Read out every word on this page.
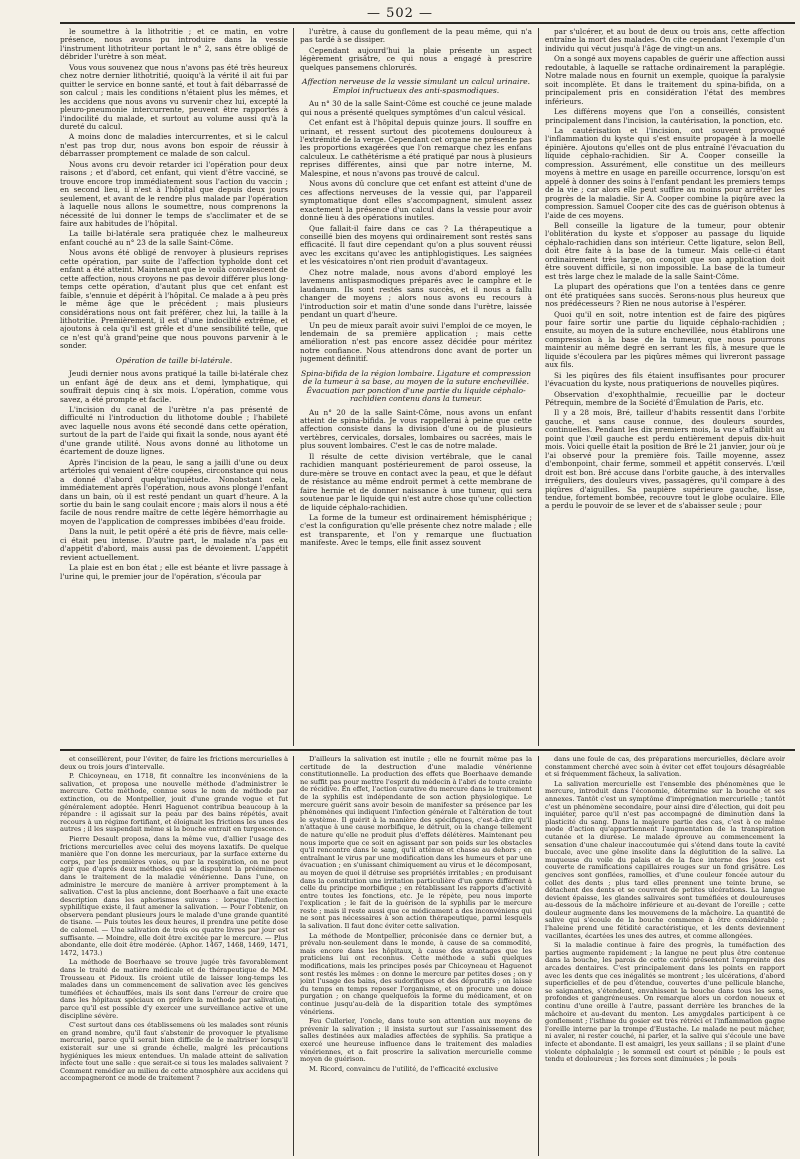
— 502 —

le soumettre à la lithotritie ; et ce matin, en votre présence, nous avons pu introduire dans la vessie l'instrument lithotriteur portant le n° 2, sans être obligé de débrider l'urètre à son méat.

Vous vous souvenez que nous n'avons pas été très heureux chez notre dernier lithotritié, quoiqu'à la vérité il ait fui par quitter le service en bonne santé, et tout à fait débarrassé de son calcul ; mais les conditions n'étaient plus les mêmes, et les accidens que nous avons vu survenir chez lui, excepté la pleuro-pneumonie intercurrente, peuvent être rapportés à l'indocilité du malade, et surtout au volume aussi qu'à la dureté du calcul.

A moins donc de maladies intercurrentes, et si le calcul n'est pas trop dur, nous avons bon espoir de réussir à débarrasser promptement ce malade de son calcul.

Nous avons cru devoir retarder ici l'opération pour deux raisons ; et d'abord, cet enfant, qui vient d'être vacciné, se trouve encore trop immédiatement sous l'action du vaccin ; en second lieu, il n'est à l'hôpital que depuis deux jours seulement, et avant de le rendre plus malade par l'opération à laquelle nous allons le soumettre, nous comprenons la nécessité de lui donner le temps de s'acclimater et de se faire aux habitudes de l'hôpital.

La taille bi-latérale sera pratiquée chez le malheureux enfant couché au n° 23 de la salle Saint-Côme.

Nous avons été obligé de renvoyer à plusieurs reprises cette opération, par suite de l'affection typhoïde dont cet enfant a été atteint. Maintenant que le voilà convalescent de cette affection, nous croyons ne pas devoir différer plus long-temps cette opération, d'autant plus que cet enfant est faible, s'ennuie et dépérit à l'hôpital. Ce malade a à peu près le même âge que le précédent ; mais plusieurs considérations nous ont fait préférer, chez lui, la taille à la lithotritie. Premièrement, il est d'une indocilité extrême, et ajoutons à cela qu'il est grêle et d'une sensibilité telle, que ce n'est qu'à grand'peine que nous pouvons parvenir à le sonder.

Opération de taille bi-latérale.

Jeudi dernier nous avons pratiqué la taille bi-latérale chez un enfant âgé de deux ans et demi, lymphatique, qui souffrait depuis cinq à six mois. L'opération, comme vous savez, a été prompte et facile.

L'incision du canal de l'urètre n'a pas présenté de difficulté ni l'introduction du lithotome double ; l'habileté avec laquelle nous avons été secondé dans cette opération, surtout de la part de l'aide qui fixait la sonde, nous ayant été d'une grande utilité. Nous avons donné au lithotome un écartement de douze lignes.

Après l'incision de la peau, le sang a jailli d'une ou deux artérioles qui venaient d'être coupées, circonstance qui nous a donné d'abord quelqu'inquiétude. Nonobstant cela, immédiatement après l'opération, nous avons plongé l'enfant dans un bain, où il est resté pendant un quart d'heure. A la sortie du bain le sang coulait encore ; mais alors il nous a été facile de nous rendre maître de cette légère hémorrhagie au moyen de l'application de compresses imbibées d'eau froide.

Dans la nuit, le petit opéré a été pris de fièvre, mais celle-ci était peu intense. D'autre part, le malade n'a pas eu d'appétit d'abord, mais aussi pas de dévoiement. L'appétit revient actuellement.

La plaie est en bon état ; elle est béante et livre passage à l'urine qui, le premier jour de l'opération, s'écoula par

l'urètre, à cause du gonflement de la peau même, qui n'a pas tardé à se dissiper.

Cependant aujourd'hui la plaie présente un aspect légèrement grisâtre, ce qui nous a engagé à prescrire quelques pansemens chlorurés.

Affection nerveuse de la vessie simulant un calcul urinaire. Emploi infructueux des anti-spasmodiques.

Au n° 30 de la salle Saint-Côme est couché ce jeune malade qui nous a présenté quelques symptômes d'un calcul vésical.

Cet enfant est à l'hôpital depuis quinze jours. Il souffre en urinant, et ressent surtout des picotemens douloureux à l'extrémité de la verge. Cependant cet organe ne présente pas les proportions exagérées que l'on remarque chez les enfans calculeux. Le cathétérisme a été pratiqué par nous à plusieurs reprises différentes, ainsi que par notre interne, M. Malespine, et nous n'avons pas trouvé de calcul.

Nous avons dû conclure que cet enfant est atteint d'une de ces affections nerveuses de la vessie qui, par l'appareil symptomatique dont elles s'accompagnent, simulent assez exactement la présence d'un calcul dans la vessie pour avoir donné lieu à des opérations inutiles.

Que fallait-il faire dans ce cas ? La thérapeutique a conseillé bien des moyens qui ordinairement sont restés sans efficacité. Il faut dire cependant qu'on a plus souvent réussi avec les excitans qu'avec les antiphlogistiques. Les saignées et les vésicatoires n'ont rien produit d'avantageux.

Chez notre malade, nous avons d'abord employé les lavemens antispasmodiques préparés avec le camphre et le laudanum. Ils sont restés sans succès, et il nous a fallu changer de moyens ; alors nous avons eu recours à l'introduction soir et matin d'une sonde dans l'urètre, laissée pendant un quart d'heure.

Un peu de mieux paraît avoir suivi l'emploi de ce moyen, le lendemain de sa première application ; mais cette amélioration n'est pas encore assez décidée pour méritez notre confiance. Nous attendrons donc avant de porter un jugement définitif.

Spina-bifida de la région lombaire. Ligature et compression de la tumeur à sa base, au moyen de la suture enchevillée. Évacuation par ponction d'une partie du liquide céphalo-rachidien contenu dans la tumeur.

Au n° 20 de la salle Saint-Côme, nous avons un enfant atteint de spina-bifida. Je vous rappellerai à peine que cette affection consiste dans la division d'une ou de plusieurs vertèbres, cervicales, dorsales, lombaires ou sacrées, mais le plus souvent lombaires. C'est le cas de notre malade.

Il résulte de cette division vertébrale, que le canal rachidien manquant postérieurement de paroi osseuse, la dure-mère se trouve en contact avec la peau, et que le défaut de résistance au même endroit permet à cette membrane de faire hernie et de donner naissance à une tumeur, qui sera soutenue par le liquide qui n'est autre chose qu'une collection de liquide céphalo-rachidien.

La forme de la tumeur est ordinairement hémisphérique ; c'est la configuration qu'elle présente chez notre malade ; elle est transparente, et l'on y remarque une fluctuation manifeste. Avec le temps, elle finit assez souvent

par s'ulcérer, et au bout de deux ou trois ans, cette affection entraîne la mort des malades. On cite cependant l'exemple d'un individu qui vécut jusqu'à l'âge de vingt-un ans.

On a songé aux moyens capables de guérir une affection aussi redoutable, à laquelle se rattache ordinairement la paraplégie. Notre malade nous en fournit un exemple, quoique la paralysie soit incomplète. Et dans le traitement du spina-bifida, on a principalement pris en considération l'état des membres inférieurs.

Les différens moyens que l'on a conseillés, consistent principalement dans l'incision, la cautérisation, la ponction, etc.

La cautérisation et l'incision, ont souvent provoqué l'inflammation du kyste qui s'est ensuite propagée à la moelle épinière. Ajoutons qu'elles ont de plus entraîné l'évacuation du liquide céphalo-rachidien. Sir A. Cooper conseille la compression. Assurément, elle constitue un des meilleurs moyens à mettre en usage en pareille occurrence, lorsqu'on est appelé à donner des soins à l'enfant pendant les premiers temps de la vie ; car alors elle peut suffire au moins pour arrêter les progrès de la maladie. Sir A. Cooper combine la piqûre avec la compression. Samuel Cooper cite des cas de guérison obtenus à l'aide de ces moyens.

Bell conseille la ligature de la tumeur, pour obtenir l'oblitération du kyste et s'opposer au passage du liquide céphalo-rachidien dans son intérieur. Cette ligature, selon Bell, doit être faite à la base de la tumeur. Mais celle-ci étant ordinairement très large, on conçoit que son application doit être souvent difficile, si non impossible. La base de la tumeur est très large chez le malade de la salle Saint-Côme.

La plupart des opérations que l'on a tentées dans ce genre ont été pratiquées sans succès. Serons-nous plus heureux que nos prédécesseurs ? Rien ne nous autorise à l'espérer.

Quoi qu'il en soit, notre intention est de faire des piqûres pour faire sortir une partie du liquide céphalo-rachidien ; ensuite, au moyen de la suture enchevillée, nous établirons une compression à la base de la tumeur, que nous pourrons maintenir au même degré en serrant les fils, à mesure que le liquide s'écoulera par les piqûres mêmes qui livreront passage aux fils.

Si les piqûres des fils étaient insuffisantes pour procurer l'évacuation du kyste, nous pratiquerions de nouvelles piqûres.

Observation d'exophthalmie, recueillie par le docteur Pétrequin, membre de la Société d'Émulation de Paris, etc.

Il y a 28 mois, Bré, tailleur d'habits ressentit dans l'orbite gauche, et sans cause connue, des douleurs sourdes, continuelles. Pendant les dix premiers mois, la vue s'affaiblit au point que l'œil gauche est perdu entièrement depuis dix-huit mois. Voici quelle était la position de Bré le 21 janvier, jour où je l'ai observé pour la première fois. Taille moyenne, assez d'embonpoint, chair ferme, sommeil et appétit conservés. L'œil droit est bon. Bré accuse dans l'orbite gauche, à des intervalles irréguliers, des douleurs vives, passagères, qu'il compare à des piqûres d'aiguilles. Sa paupière supérieure gauche, lisse, tendue, fortement bombée, recouvre tout le globe oculaire. Elle a perdu le pouvoir de se lever et de s'abaisser seule ; pour

et conseillèrent, pour l'éviter, de faire les frictions mercurielles à deux ou trois jours d'intervalle.

P. Chicoyneau, en 1718, fit connaître les inconvéniens de la salivation, et proposa une nouvelle méthode d'administrer le mercure. Cette méthode, connue sous le nom de méthode par extinction, ou de Montpellier, jouit d'une grande vogue et fut généralement adoptée. Henri Haguenot contribua beaucoup à la répandre : il agissait sur la peau par des bains répétés, avait recours à un régime fortifiant, et éloignait les frictions les unes des autres ; il les suspendait même si la bouche entrait en turgescence.

Pierre Desault proposa, dans la même vue, d'allier l'usage des frictions mercurielles avec celui des moyens laxatifs. De quelque manière que l'on donne les mercuriaux, par la surface externe du corps, par les premières voies, ou par la respiration, on ne peut agir que d'après deux méthodes qui se disputent la prééminence dans le traitement de la maladie vénérienne. Dans l'une, on administre le mercure de manière à arriver promptement à la salivation. C'est la plus ancienne, dont Boerhaave a fait une exacte description dans les aphorismes suivans : lorsque l'infection syphilitique existe, il faut amener la salivation. — Pour l'obtenir, on observera pendant plusieurs jours le malade d'une grande quantité de tisane. — Puis toutes les deux heures, il prendra une petite dose de calomel. — Une salivation de trois ou quatre livres par jour est suffisante. — Moindre, elle doit être excitée par le mercure. — Plus abondante, elle doit être modérée. (Aphor. 1467, 1468, 1469, 1471, 1472, 1473.)

La méthode de Boerhaave se trouve jugée très favorablement dans le traité de matière médicale et de thérapeutique de MM. Trousseau et Pidoux. Ils croient utile de laisser long-temps les malades dans un commencement de salivation avec les gencives tuméfiées et échauffées, mais ils sont dans l'erreur de croire que dans les hôpitaux spéciaux on préfère la méthode par salivation, parce qu'il est possible d'y exercer une surveillance active et une discipline sévère.

C'est surtout dans ces établissemens où les malades sont réunis en grand nombre, qu'il faut s'abstenir de provoquer le ptyalisme mercuriel, parce qu'il serait bien difficile de le maîtriser lorsqu'il existerait sur une si grande échelle, malgré les précautions hygiéniques les mieux entendues. Un malade atteint de salivation infecte tout une salle : que serait-ce si tous les malades salivaient ? Comment remédier au milieu de cette atmosphère aux accidens qui accompagneront ce mode de traitement ?

D'ailleurs la salivation est inutile ; elle ne fournit même pas la certitude de la destruction d'une maladie vénérienne constitutionnelle. La production des effets que Boerhaave demande ne suffit pas pour mettre l'esprit du médecin à l'abri de toute crainte de récidive. En effet, l'action curative du mercure dans le traitement de la syphilis est indépendante de son action physiologique. Le mercure guérit sans avoir besoin de manifester sa présence par les phénomènes qui indiquent l'infection générale et l'altération de tout le système. Il guérit à la manière des spécifiques, c'est-à-dire qu'il n'attaque à une cause morbifique, le détruit, ou la change tellement de nature qu'elle ne produit plus d'effets délétères. Maintenant peu nous importe que ce soit en agissant par son poids sur les obstacles qu'il rencontre dans le sang, qu'il atténue et chasse au dehors ; en entraînant le virus par une modification dans les humeurs et par une évacuation ; en s'unissant chimiquement au virus et le décomposant, au moyen de quoi il détruise ses propriétés irritables ; en produisant dans la constitution une irritation particulière d'un genre différent à celle du principe morbifique ; en rétablissant les rapports d'activité entre toutes les fonctions, etc. Je le répète, peu nous importe l'explication ; le fait de la guérison de la syphilis par le mercure reste ; mais il reste aussi que ce médicament a des inconvéniens qui ne sont pas nécessaires à son action thérapeutique, parmi lesquels la salivation. Il faut donc éviter cette salivation.

La méthode de Montpellier, préconisée dans ce dernier but, a prévalu non-seulement dans le monde, à cause de sa commodité, mais encore dans les hôpitaux, à cause des avantages que les praticiens lui ont reconnus. Cette méthode a subi quelques modifications, mais les principes posés par Chicoyneau et Haguenot sont restés les mêmes : on donne le mercure par petites doses ; on y joint l'usage des bains, des sudorifiques et des dépuratifs ; on laisse du temps en temps reposer l'organisme, et on procure une douce purgation ; on change quelquefois la forme du médicament, et on continue jusqu'au-delà de la disparition totale des symptômes vénériens.

Feu Cullerier, l'oncle, dans toute son attention aux moyens de prévenir la salivation ; il insista surtout sur l'assainissement des salles destinées aux maladies affectées de syphilis. Sa pratique a exercé une heureuse influence dans le traitement des maladies vénériennes, et a fait proscrire la salivation mercurielle comme moyen de guérison.

M. Ricord, convaincu de l'utilité, de l'efficacité exclusive

dans une foule de cas, des préparations mercurielles, déclare avoir constamment cherché avec soin à éviter cet effet toujours désagréable et si fréquemment fâcheux, la salivation.

La salivation mercurielle est l'ensemble des phénomènes que le mercure, introduit dans l'économie, détermine sur la bouche et ses annexes. Tantôt c'est un symptôme d'imprégnation mercurielle ; tantôt c'est un phénomène secondaire, pour ainsi dire d'élection, qui doit peu inquiéter, parce qu'il n'est pas accompagné de diminution dans la plasticité du sang. Dans la majeure partie des cas, c'est à ce même mode d'action qu'appartiennent l'augmentation de la transpiration cutanée et la diurèse. Le malade éprouve au commencement la sensation d'une chaleur inaccoutumée qui s'étend dans toute la cavité buccale, avec une gêne insolite dans la déglutition de la salive. La muqueuse du voile du palais et de la face interne des joues est couverte de ramifications capillaires rouges sur un fond grisâtre. Les gencives sont gonflées, ramollies, et d'une couleur foncée autour du collet des dents ; plus tard elles prennent une teinte brune, se détachent des dents et se couvrent de petites ulcérations. La langue devient épaisse, les glandes salivaires sont tuméfiées et douloureuses au-dessous de la mâchoire inférieure et au-devant de l'oreille ; cette douleur augmente dans les mouvemens de la mâchoire. La quantité de salive qui s'écoule de la bouche commence à être considérable ; l'haleine prend une fétidité caractéristique, et les dents deviennent vacillantes, écartées les unes des autres, et comme allongées.

Si la maladie continue à faire des progrès, la tuméfaction des parties augmente rapidement ; la langue ne peut plus être contenue dans la bouche, les parois de cette cavité présentent l'empreinte des arcades dentaires. C'est principalement dans les points en rapport avec les dents que ces inégalités se montrent ; les ulcérations, d'abord superficielles et de peu d'étendue, couvertes d'une pellicule blanche, se saignantes, s'étendent, envahissent la bouche dans tous les sens, profondes et gangréneuses. On remarque alors un cordon noueux et continu d'une oreille à l'autre, passant derrière les branches de la mâchoire et au-devant du menton. Les amygdales participent à ce gonflement ; l'isthme du gosier est très rétréci et l'inflammation gagne l'oreille interne par la trompe d'Eustache. Le malade ne peut mâcher, ni avaler, ni rester couché, ni parler, et la salive qui s'écoule une bave infecte et abondante. Il est amaigri, les yeux saillans ; il se plaint d'une violente céphalalgie ; le sommeil est court et pénible ; le pouls est tendu et douloureux ; les forces sont diminuées ; le pouls
